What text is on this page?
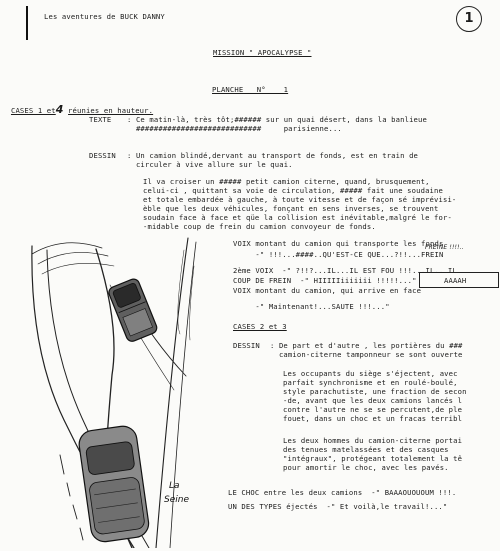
Les aventures de BUCK DANNY	1
MISSION " APOCALYPSE "
PLANCHE   N°    1

CASES 1 et4 réunies en hauteur.

TEXTE : Ce matin-là, très tôt;###### sur un quai désert, dans la banlieue
############################     parisienne...
DESSIN : Un camion blindé,dervant au transport de fonds, est en train de
circuler à vive allure sur le quai.
Il va croiser un ##### petit camion citerne, quand, brusquement,
celui-ci , quittant sa voie de circulation, ##### fait une soudaine
et totale embardée à gauche, à toute vitesse et de façon sé imprévisi-
èble que les deux véhicules, fonçant en sens inverses, se trouvent
soudain face à face et qüe la collision est inévitable,malgré le for-
-midable coup de frein du camion convoyeur de fonds.
VOIX montant du camion qui transporte les fonds
-" !!!...####..QU'EST-CE QUE...?!!...FREIN
FREINE !!!!..
2ème VOIX  -" ?!!?...IL...IL EST FOU !!!...IL...IL.
COUP DE FREIN  -" HIIIIIiiiiiii !!!!!..."	AAAAH
VOIX montant du camion, qui arrive en face
-" Maintenant!...SAUTE !!!..."
CASES 2 et 3
DESSIN : De part et d'autre , les portières du ###
camion-citerne tamponneur se sont ouverte
Les occupants du siège s'éjectent, avec
parfait synchronisme et en roulé-boulé,
style parachutiste, une fraction de secon
-de, avant que les deux camions lancés l
contre l'autre ne se se percutent,de ple
fouet, dans un choc et un fracas terribl
Les deux hommes du camion-citerne portai
des tenues matelassées et des casques
"intégraux", protégeant totalement la tê
pour amortir le choc, avec les pavés.
LE CHOC entre les deux camions  -" BAAAOUOUOUM !!!.
UN DES TYPES éjectés  -" Et voilà,le travail!..."
La
Seine
